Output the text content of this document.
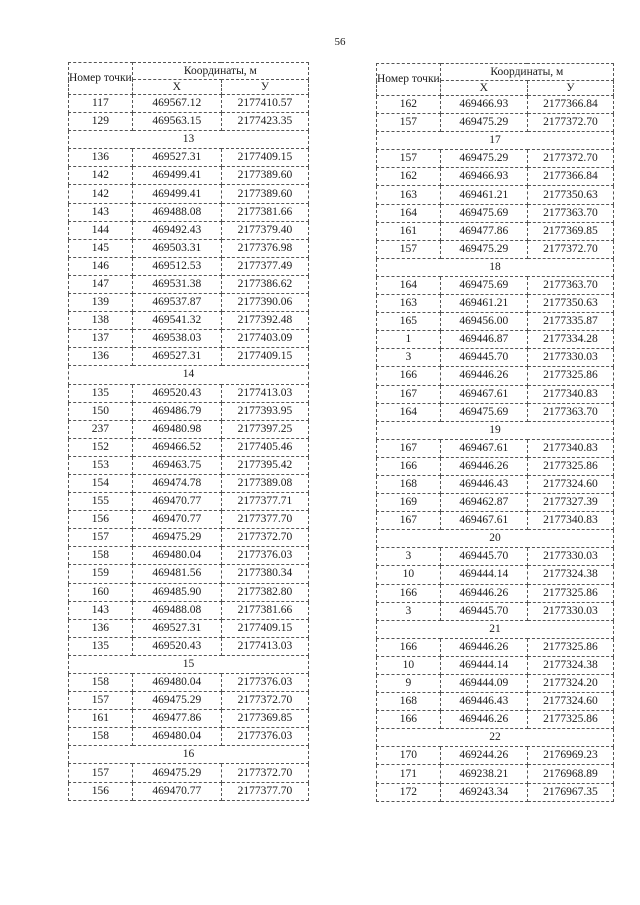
56
Номер точки	Координаты, м	
	X	У
117	469567.12	2177410.57
129	469563.15	2177423.35
13		
136	469527.31	2177409.15
142	469499.41	2177389.60
142	469499.41	2177389.60
143	469488.08	2177381.66
144	469492.43	2177379.40
145	469503.31	2177376.98
146	469512.53	2177377.49
147	469531.38	2177386.62
139	469537.87	2177390.06
138	469541.32	2177392.48
137	469538.03	2177403.09
136	469527.31	2177409.15
14		
135	469520.43	2177413.03
150	469486.79	2177393.95
237	469480.98	2177397.25
152	469466.52	2177405.46
153	469463.75	2177395.42
154	469474.78	2177389.08
155	469470.77	2177377.71
156	469470.77	2177377.70
157	469475.29	2177372.70
158	469480.04	2177376.03
159	469481.56	2177380.34
160	469485.90	2177382.80
143	469488.08	2177381.66
136	469527.31	2177409.15
135	469520.43	2177413.03
15		
158	469480.04	2177376.03
157	469475.29	2177372.70
161	469477.86	2177369.85
158	469480.04	2177376.03
16		
157	469475.29	2177372.70
156	469470.77	2177377.70
Номер точки	Координаты, м	
	X	У
162	469466.93	2177366.84
157	469475.29	2177372.70
17		
157	469475.29	2177372.70
162	469466.93	2177366.84
163	469461.21	2177350.63
164	469475.69	2177363.70
161	469477.86	2177369.85
157	469475.29	2177372.70
18		
164	469475.69	2177363.70
163	469461.21	2177350.63
165	469456.00	2177335.87
1	469446.87	2177334.28
3	469445.70	2177330.03
166	469446.26	2177325.86
167	469467.61	2177340.83
164	469475.69	2177363.70
19		
167	469467.61	2177340.83
166	469446.26	2177325.86
168	469446.43	2177324.60
169	469462.87	2177327.39
167	469467.61	2177340.83
20		
3	469445.70	2177330.03
10	469444.14	2177324.38
166	469446.26	2177325.86
3	469445.70	2177330.03
21		
166	469446.26	2177325.86
10	469444.14	2177324.38
9	469444.09	2177324.20
168	469446.43	2177324.60
166	469446.26	2177325.86
22		
170	469244.26	2176969.23
171	469238.21	2176968.89
172	469243.34	2176967.35
